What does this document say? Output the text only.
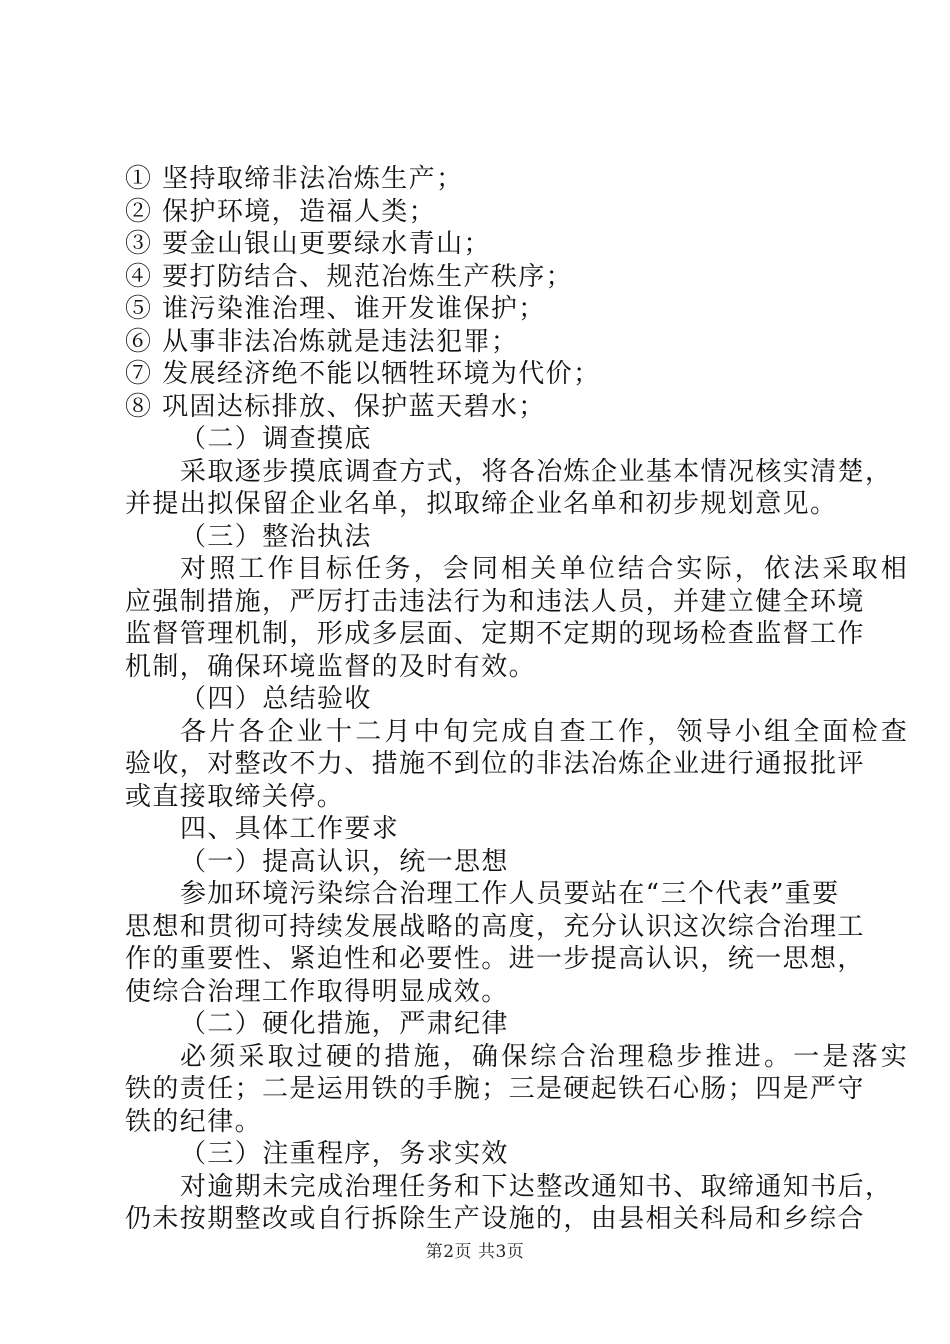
① 坚持取缔非法冶炼生产；
② 保护环境，造福人类；
③ 要金山银山更要绿水青山；
④ 要打防结合、规范冶炼生产秩序；
⑤ 谁污染淮治理、谁开发谁保护；
⑥ 从事非法冶炼就是违法犯罪；
⑦ 发展经济绝不能以牺牲环境为代价；
⑧ 巩固达标排放、保护蓝天碧水；
（二）调查摸底
采取逐步摸底调查方式，将各冶炼企业基本情况核实清楚，
并提出拟保留企业名单，拟取缔企业名单和初步规划意见。
（三）整治执法
对照工作目标任务，会同相关单位结合实际，依法采取相
应强制措施，严厉打击违法行为和违法人员，并建立健全环境
监督管理机制，形成多层面、定期不定期的现场检查监督工作
机制，确保环境监督的及时有效。
（四）总结验收
各片各企业十二月中旬完成自查工作，领导小组全面检查
验收，对整改不力、措施不到位的非法冶炼企业进行通报批评
或直接取缔关停。
四、具体工作要求
（一）提高认识，统一思想
参加环境污染综合治理工作人员要站在“三个代表”重要
思想和贯彻可持续发展战略的高度，充分认识这次综合治理工
作的重要性、紧迫性和必要性。进一步提高认识，统一思想，
使综合治理工作取得明显成效。
（二）硬化措施，严肃纪律
必须采取过硬的措施，确保综合治理稳步推进。一是落实
铁的责任；二是运用铁的手腕；三是硬起铁石心肠；四是严守
铁的纪律。
（三）注重程序，务求实效
对逾期未完成治理任务和下达整改通知书、取缔通知书后，
仍未按期整改或自行拆除生产设施的，由县相关科局和乡综合
第2页 共3页
